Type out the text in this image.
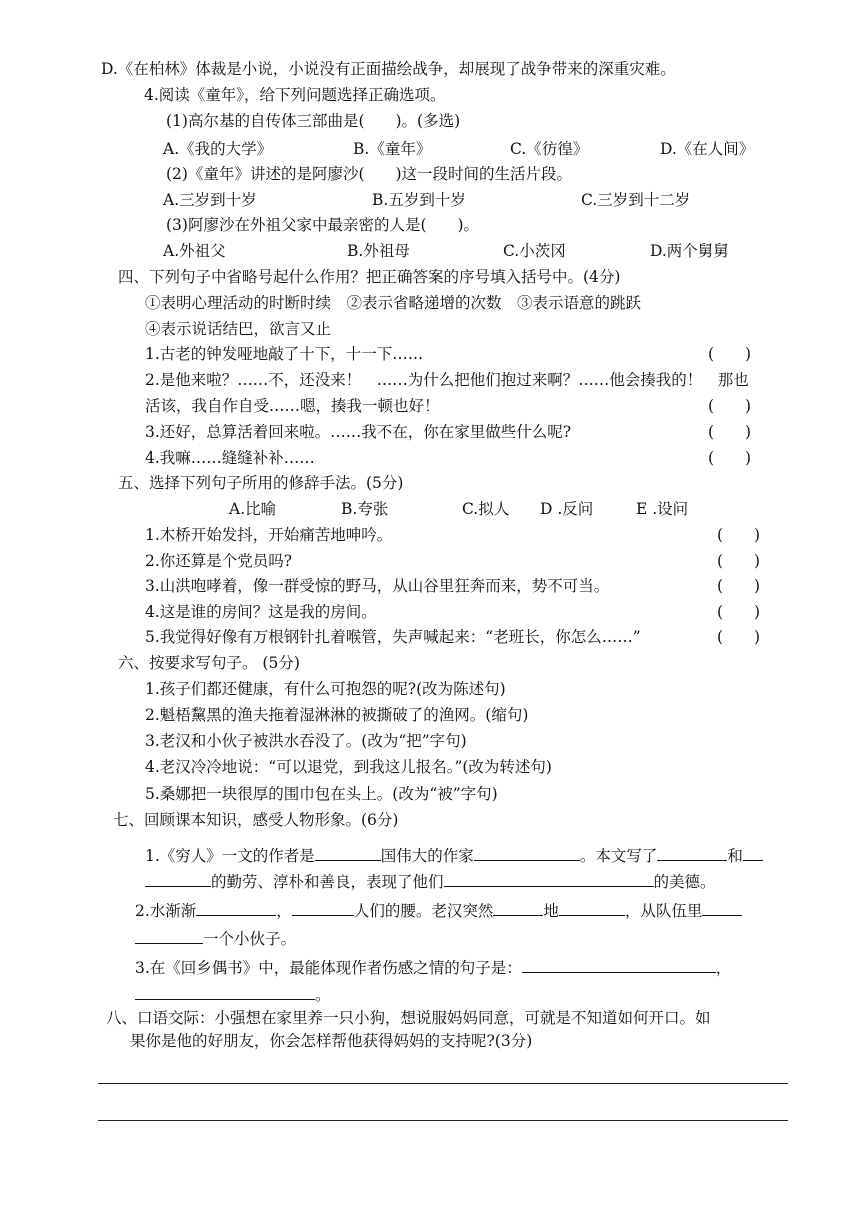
D.《在柏林》体裁是小说，小说没有正面描绘战争，却展现了战争带来的深重灾难。
4.阅读《童年》，给下列问题选择正确选项。
(1)高尔基的自传体三部曲是(　　)。(多选)
A.《我的大学》	B.《童年》	C.《彷徨》	D.《在人间》
(2)《童年》讲述的是阿廖沙(　　)这一段时间的生活片段。
A.三岁到十岁	B.五岁到十岁	C.三岁到十二岁
(3)阿廖沙在外祖父家中最亲密的人是(　　)。
A.外祖父	B.外祖母	C.小茨冈	D.两个舅舅
四、下列句子中省略号起什么作用？把正确答案的序号填入括号中。(4分)
①表明心理活动的时断时续　②表示省略递增的次数　③表示语意的跳跃
④表示说话结巴，欲言又止
1.古老的钟发哑地敲了十下，十一下……	(　　)
2.是他来啦？……不，还没来！　……为什么把他们抱过来啊？……他会揍我的！　那也
活该，我自作自受……嗯，揍我一顿也好！	(　　)
3.还好，总算活着回来啦。……我不在，你在家里做些什么呢?	(　　)
4.我嘛……缝缝补补……	(　　)
五、选择下列句子所用的修辞手法。(5分)
A.比喻	B.夸张	C.拟人 D .反问	E .设问
1.木桥开始发抖，开始痛苦地呻吟。	(　　)
2.你还算是个党员吗?	(　　)
3.山洪咆哮着，像一群受惊的野马，从山谷里狂奔而来，势不可当。	(　　)
4.这是谁的房间？这是我的房间。	(　　)
5.我觉得好像有万根钢针扎着喉管，失声喊起来：“老班长，你怎么……”	(　　)
六、按要求写句子。 (5分)
1.孩子们都还健康，有什么可抱怨的呢?(改为陈述句)
2.魁梧黧黑的渔夫拖着湿淋淋的被撕破了的渔网。(缩句)
3.老汉和小伙子被洪水吞没了。(改为“把”字句)
4.老汉冷冷地说：“可以退党，到我这儿报名。”(改为转述句)
5.桑娜把一块很厚的围巾包在头上。(改为“被”字句)
七、回顾课本知识，感受人物形象。(6分)
1.《穷人》一文的作者是	国伟大的作家	。本文写了	和
的勤劳、淳朴和善良，表现了他们	的美德。
2.水渐渐	，	人们的腰。老汉突然	地	，从队伍里
一个小伙子。
3.在《回乡偶书》中，最能体现作者伤感之情的句子是：	，
。
八、口语交际：小强想在家里养一只小狗，想说服妈妈同意，可就是不知道如何开口。如
果你是他的好朋友，你会怎样帮他获得妈妈的支持呢?(3分)
